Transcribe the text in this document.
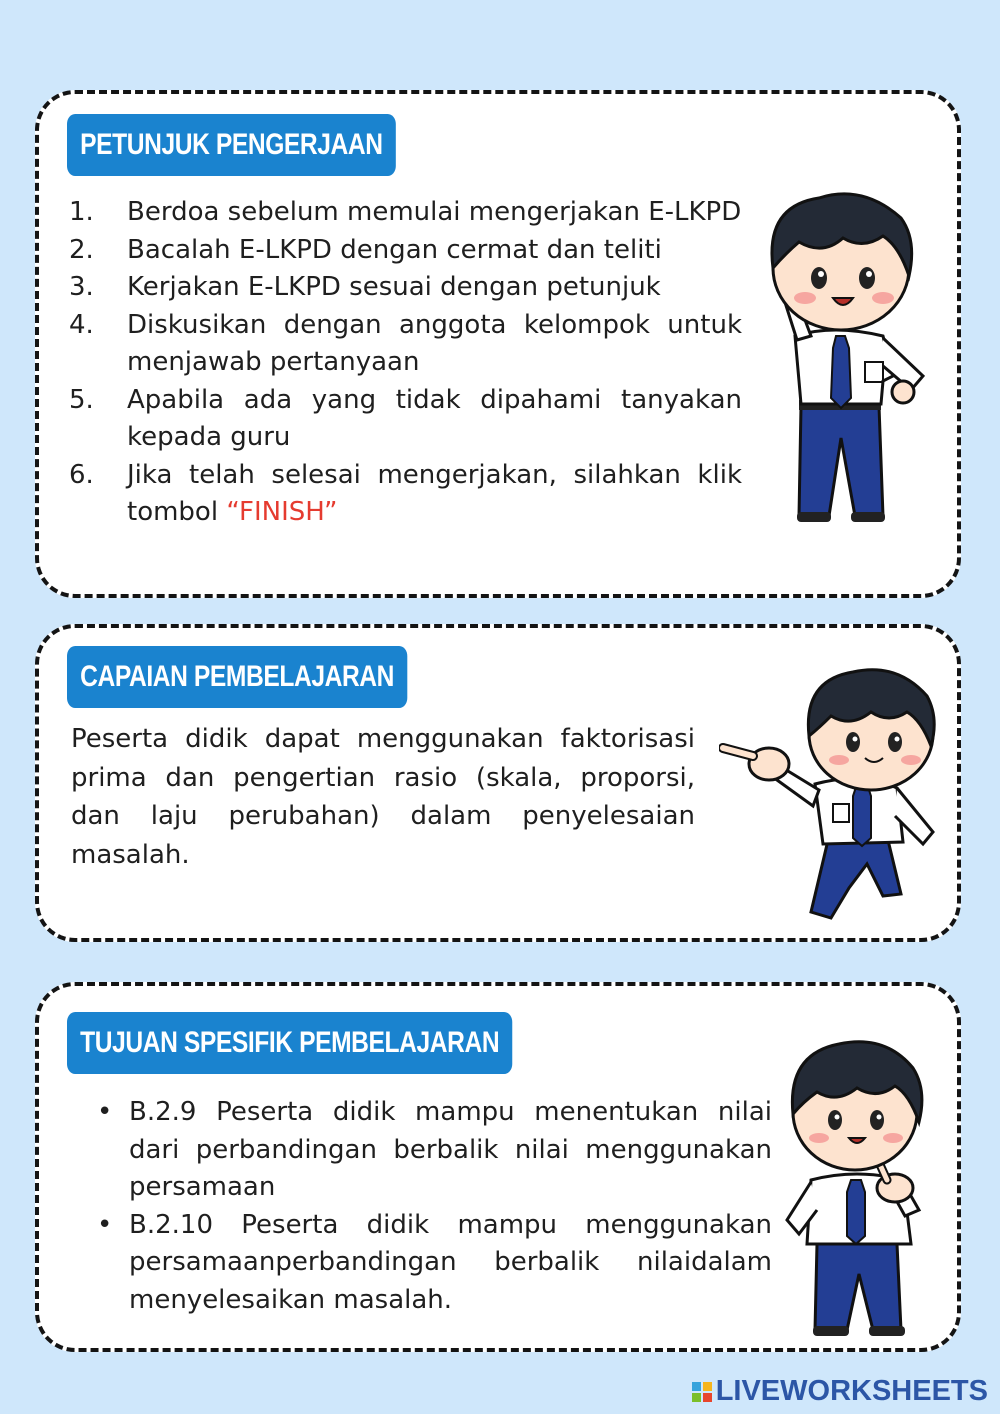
PETUNJUK PENGERJAAN
1. Berdoa sebelum memulai mengerjakan E-LKPD
2. Bacalah E-LKPD dengan cermat dan teliti
3. Kerjakan E-LKPD sesuai dengan petunjuk
4. Diskusikan dengan anggota kelompok untuk menjawab pertanyaan
5. Apabila ada yang tidak dipahami tanyakan kepada guru
6. Jika telah selesai mengerjakan, silahkan klik tombol “FINISH”
CAPAIAN PEMBELAJARAN
Peserta didik dapat menggunakan faktorisasi prima dan pengertian rasio (skala, proporsi, dan laju perubahan) dalam penyelesaian masalah.
TUJUAN SPESIFIK PEMBELAJARAN
• B.2.9 Peserta didik mampu menentukan nilai dari perbandingan berbalik nilai menggunakan persamaan
• B.2.10 Peserta didik mampu menggunakan persamaanperbandingan berbalik nilaidalam menyelesaikan masalah.
LIVEWORKSHEETS
